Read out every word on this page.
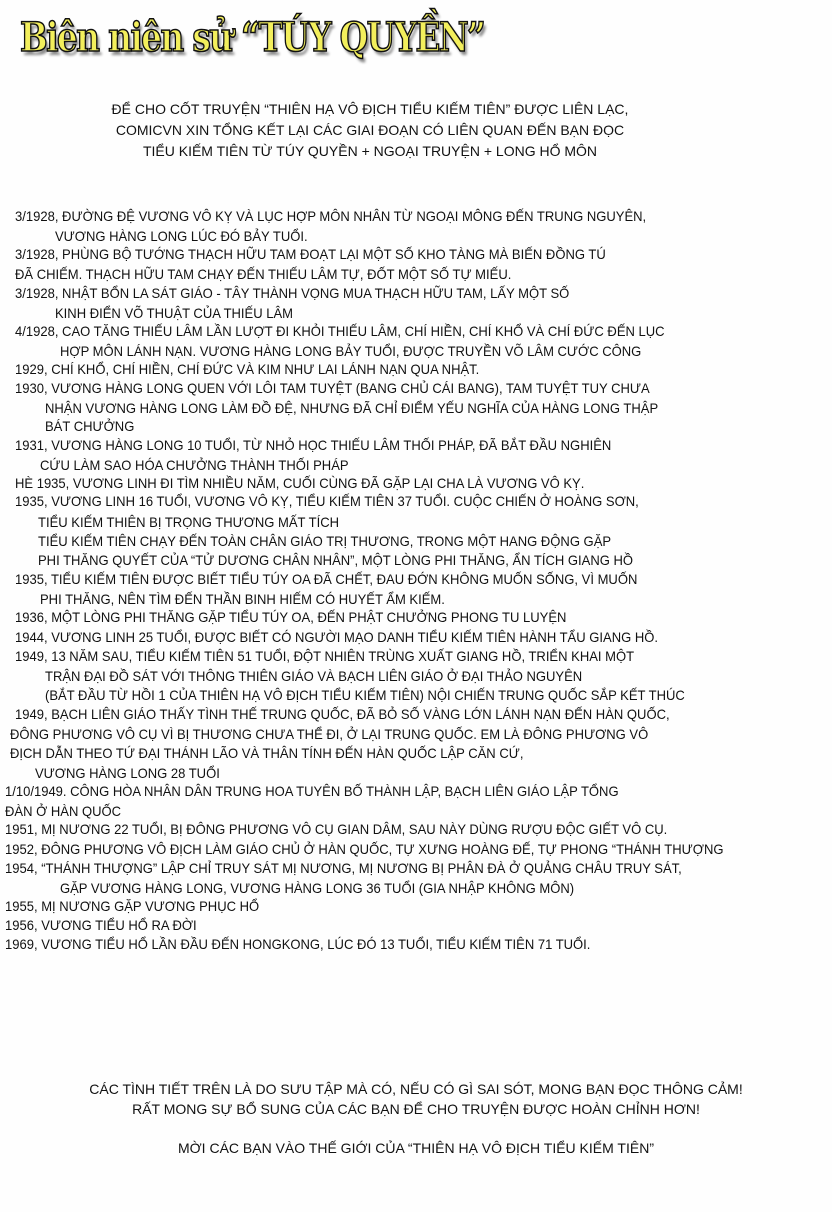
Biên niên sử “TÚY QUYỀN”
ĐỂ CHO CỐT TRUYỆN “THIÊN HẠ VÔ ĐỊCH TIỂU KIẾM TIÊN” ĐƯỢC LIÊN LẠC,
COMICVN XIN TỔNG KẾT LẠI CÁC GIAI ĐOẠN CÓ LIÊN QUAN ĐẾN BẠN ĐỌC
TIỂU KIẾM TIÊN TỪ TÚY QUYỀN + NGOẠI TRUYỆN + LONG HỔ MÔN
3/1928, ĐƯỜNG ĐỆ VƯƠNG VÔ KỴ VÀ LỤC HỢP MÔN NHÂN TỪ NGOẠI MÔNG ĐẾN TRUNG NGUYÊN,
VƯƠNG HÀNG LONG LÚC ĐÓ BẢY TUỔI.
3/1928, PHÙNG BỘ TƯỚNG THẠCH HỮU TAM ĐOẠT LẠI MỘT SỐ KHO TÀNG MÀ BIẾN ĐỒNG TÚ
ĐÃ CHIẾM. THẠCH HỮU TAM CHẠY ĐẾN THIẾU LÂM TỰ, ĐỐT MỘT SỐ TỰ MIẾU.
3/1928, NHẬT BỔN LA SÁT GIÁO - TÂY THÀNH VỌNG MUA THẠCH HỮU TAM, LẤY MỘT SỐ
KINH ĐIỂN VÕ THUẬT CỦA THIẾU LÂM
4/1928, CAO TĂNG THIẾU LÂM LẦN LƯỢT ĐI KHỎI THIẾU LÂM, CHÍ HIỀN, CHÍ KHỔ VÀ CHÍ ĐỨC ĐẾN LỤC
HỢP MÔN LÁNH NẠN. VƯƠNG HÀNG LONG BẢY TUỔI, ĐƯỢC TRUYỀN VÕ LÂM CƯỚC CÔNG
1929, CHÍ KHỔ, CHÍ HIỀN, CHÍ ĐỨC VÀ KIM NHƯ LAI LÁNH NẠN QUA NHẬT.
1930, VƯƠNG HÀNG LONG QUEN VỚI LÔI TAM TUYỆT (BANG CHỦ CÁI BANG), TAM TUYỆT TUY CHƯA
NHẬN VƯƠNG HÀNG LONG LÀM ĐỒ ĐỆ, NHƯNG ĐÃ CHỈ ĐIỂM YẾU NGHĨA CỦA HÀNG LONG THẬP
BÁT CHƯỞNG
1931, VƯƠNG HÀNG LONG 10 TUỔI, TỪ NHỎ HỌC THIẾU LÂM THỐI PHÁP, ĐÃ BẮT ĐẦU NGHIÊN
CỨU LÀM SAO HÓA CHƯỞNG THÀNH THỐI PHÁP
HÈ 1935, VƯƠNG LINH ĐI TÌM NHIỀU NĂM, CUỐI CÙNG ĐÃ GẶP LẠI CHA LÀ VƯƠNG VÔ KỴ.
1935, VƯƠNG LINH 16 TUỔI, VƯƠNG VÔ KỴ, TIỂU KIẾM TIÊN 37 TUỔI. CUỘC CHIẾN Ở HOÀNG SƠN,
TIỂU KIẾM THIÊN BỊ TRỌNG THƯƠNG MẤT TÍCH
TIỂU KIẾM TIÊN CHẠY ĐẾN TOÀN CHÂN GIÁO TRỊ THƯƠNG, TRONG MỘT HANG ĐỘNG GẶP
PHI THĂNG QUYẾT CỦA “TỬ DƯƠNG CHÂN NHÂN”, MỘT LÒNG PHI THĂNG, ẨN TÍCH GIANG HỒ
1935, TIỂU KIẾM TIÊN ĐƯỢC BIẾT TIỂU TÚY OA ĐÃ CHẾT, ĐAU ĐỚN KHÔNG MUỐN SỐNG, VÌ MUỐN
PHI THĂNG, NÊN TÌM ĐẾN THẦN BINH HIẾM CÓ HUYẾT ẨM KIẾM.
1936, MỘT LÒNG PHI THĂNG GẶP TIỂU TÚY OA, ĐẾN PHẬT CHƯỞNG PHONG TU LUYỆN
1944, VƯƠNG LINH 25 TUỔI, ĐƯỢC BIẾT CÓ NGƯỜI MẠO DANH TIỂU KIẾM TIÊN HÀNH TẨU GIANG HỒ.
1949, 13 NĂM SAU, TIỂU KIẾM TIÊN 51 TUỔI, ĐỘT NHIÊN TRÙNG XUẤT GIANG HỒ, TRIỂN KHAI MỘT
TRẬN ĐẠI ĐỒ SÁT VỚI THÔNG THIÊN GIÁO VÀ BẠCH LIÊN GIÁO Ở ĐẠI THẢO NGUYÊN
(BẮT ĐẦU TỪ HỒI 1 CỦA THIÊN HẠ VÔ ĐỊCH TIỂU KIẾM TIÊN) NỘI CHIẾN TRUNG QUỐC SẮP KẾT THÚC
1949, BẠCH LIÊN GIÁO THẤY TÌNH THẾ TRUNG QUỐC, ĐÃ BỎ SỐ VÀNG LỚN LÁNH NẠN ĐẾN HÀN QUỐC,
ĐÔNG PHƯƠNG VÔ CỤ VÌ BỊ THƯƠNG CHƯA THỂ ĐI, Ở LẠI TRUNG QUỐC. EM LÀ ĐÔNG PHƯƠNG VÔ
ĐỊCH DẪN THEO TỨ ĐẠI THÁNH LÃO VÀ THÂN TÍNH ĐẾN HÀN QUỐC LẬP CĂN CỨ,
VƯƠNG HÀNG LONG 28 TUỔI
1/10/1949. CÔNG HÒA NHÂN DÂN TRUNG HOA TUYÊN BỐ THÀNH LẬP, BẠCH LIÊN GIÁO LẬP TỔNG
ĐÀN Ở HÀN QUỐC
1951, MỊ NƯƠNG 22 TUỔI, BỊ ĐÔNG PHƯƠNG VÔ CỤ GIAN DÂM, SAU NÀY DÙNG RƯỢU ĐỘC GIẾT VÔ CỤ.
1952, ĐÔNG PHƯƠNG VÔ ĐỊCH LÀM GIÁO CHỦ Ở HÀN QUỐC, TỰ XƯNG HOÀNG ĐẾ, TỰ PHONG “THÁNH THƯỢNG
1954, “THÁNH THƯỢNG” LẬP CHỈ TRUY SÁT MỊ NƯƠNG, MỊ NƯƠNG BỊ PHÂN ĐÀ Ở QUẢNG CHÂU TRUY SÁT,
GẶP VƯƠNG HÀNG LONG, VƯƠNG HÀNG LONG 36 TUỔI (GIA NHẬP KHÔNG MÔN)
1955, MỊ NƯƠNG GẶP VƯƠNG PHỤC HỔ
1956, VƯƠNG TIỂU HỔ RA ĐỜI
1969, VƯƠNG TIỂU HỔ LẦN ĐẦU ĐẾN HONGKONG, LÚC ĐÓ 13 TUỔI, TIỂU KIẾM TIÊN 71 TUỔI.
CÁC TÌNH TIẾT TRÊN LÀ DO SƯU TẬP MÀ CÓ, NẾU CÓ GÌ SAI SÓT, MONG BẠN ĐỌC THÔNG CẢM!
RẤT MONG SỰ BỔ SUNG CỦA CÁC BẠN ĐỂ CHO TRUYỆN ĐƯỢC HOÀN CHỈNH HƠN!
MỜI CÁC BẠN VÀO THẾ GIỚI CỦA “THIÊN HẠ VÔ ĐỊCH TIỂU KIẾM TIÊN”
